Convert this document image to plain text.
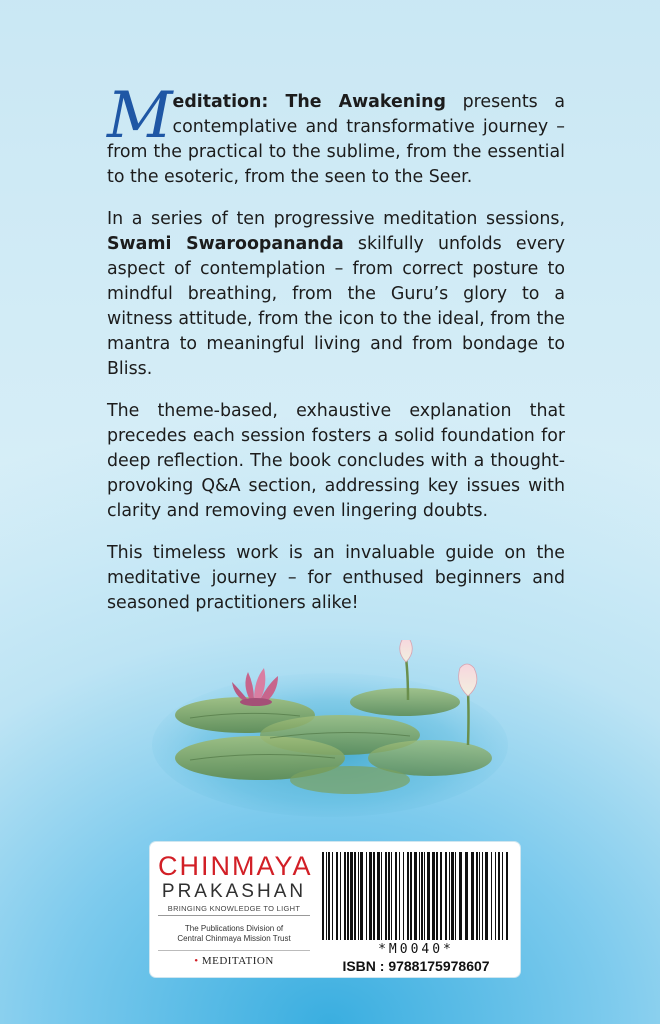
Meditation: The Awakening presents a contemplative and transformative journey – from the practical to the sublime, from the essential to the esoteric, from the seen to the Seer.

In a series of ten progressive meditation sessions, Swami Swaroopananda skilfully unfolds every aspect of contemplation – from correct posture to mindful breathing, from the Guru’s glory to a witness attitude, from the icon to the ideal, from the mantra to meaningful living and from bondage to Bliss.

The theme-based, exhaustive explanation that precedes each session fosters a solid foundation for deep reflection. The book concludes with a thought-provoking Q&A section, addressing key issues with clarity and removing even lingering doubts.

This timeless work is an invaluable guide on the meditative journey – for enthused beginners and seasoned practitioners alike!

CHINMAYA
PRAKASHAN
BRINGING KNOWLEDGE TO LIGHT
The Publications Division of
Central Chinmaya Mission Trust
• MEDITATION
*M0040*
ISBN : 9788175978607
